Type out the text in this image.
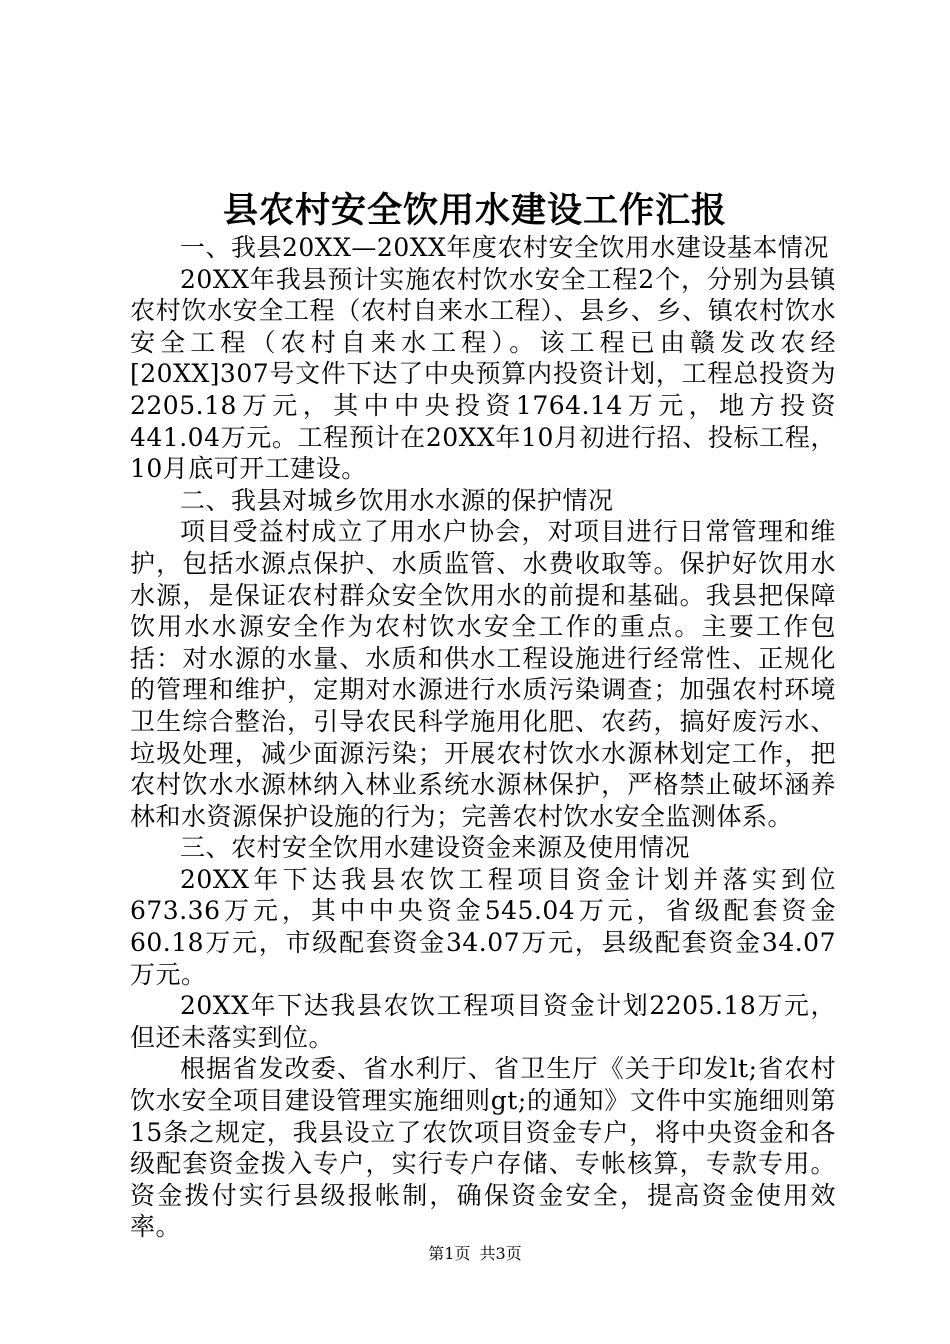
县农村安全饮用水建设工作汇报

一、我县20XX—20XX年度农村安全饮用水建设基本情况

20XX年我县预计实施农村饮水安全工程2个，分别为县镇农村饮水安全工程（农村自来水工程）、县乡、乡、镇农村饮水安全工程（农村自来水工程）。该工程已由赣发改农经[20XX]307号文件下达了中央预算内投资计划，工程总投资为2205.18万元，其中中央投资1764.14万元，地方投资441.04万元。工程预计在20XX年10月初进行招、投标工程，10月底可开工建设。

二、我县对城乡饮用水水源的保护情况

项目受益村成立了用水户协会，对项目进行日常管理和维护，包括水源点保护、水质监管、水费收取等。保护好饮用水水源，是保证农村群众安全饮用水的前提和基础。我县把保障饮用水水源安全作为农村饮水安全工作的重点。主要工作包括：对水源的水量、水质和供水工程设施进行经常性、正规化的管理和维护，定期对水源进行水质污染调查；加强农村环境卫生综合整治，引导农民科学施用化肥、农药，搞好废污水、垃圾处理，减少面源污染；开展农村饮水水源林划定工作，把农村饮水水源林纳入林业系统水源林保护，严格禁止破坏涵养林和水资源保护设施的行为；完善农村饮水安全监测体系。

三、农村安全饮用水建设资金来源及使用情况

20XX年下达我县农饮工程项目资金计划并落实到位673.36万元，其中中央资金545.04万元，省级配套资金60.18万元，市级配套资金34.07万元，县级配套资金34.07万元。

20XX年下达我县农饮工程项目资金计划2205.18万元，但还未落实到位。

根据省发改委、省水利厅、省卫生厅《关于印发lt;省农村饮水安全项目建设管理实施细则gt;的通知》文件中实施细则第15条之规定，我县设立了农饮项目资金专户，将中央资金和各级配套资金拨入专户，实行专户存储、专帐核算，专款专用。资金拨付实行县级报帐制，确保资金安全，提高资金使用效率。

第1页 共3页
